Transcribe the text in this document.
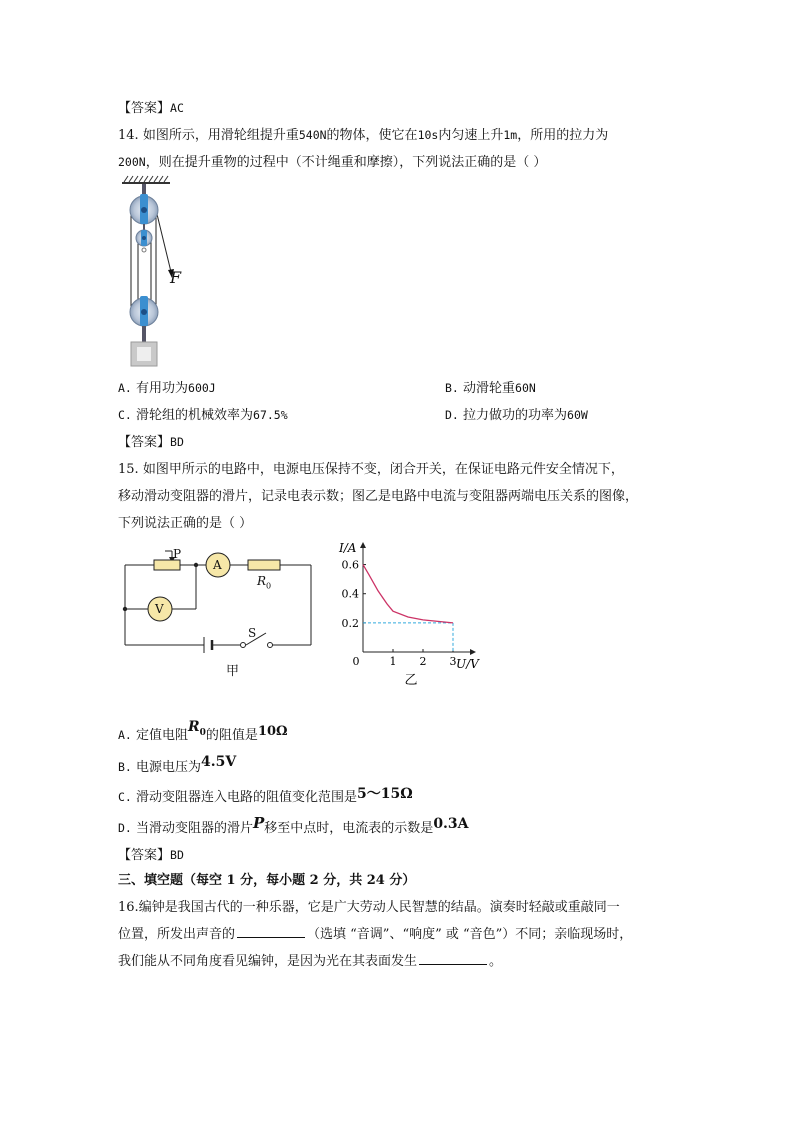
【答案】AC
14. 如图所示，用滑轮组提升重540N的物体，使它在10s内匀速上升1m，所用的拉力为
200N，则在提升重物的过程中（不计绳重和摩擦），下列说法正确的是（ ）
F
A. 有用功为600J	B. 动滑轮重60N
C. 滑轮组的机械效率为67.5%	D. 拉力做功的功率为60W
【答案】BD
15. 如图甲所示的电路中，电源电压保持不变，闭合开关，在保证电路元件安全情况下，
移动滑动变阻器的滑片，记录电表示数；图乙是电路中电流与变阻器两端电压关系的图像，
下列说法正确的是（ ）
P
A
V
$R_0$
S
甲
1 2 3
0.2
0.4
0.6
0
I/A
U/V
乙
A. 定值电阻$R_0$的阻值是10Ω
B. 电源电压为4.5V
C. 滑动变阻器连入电路的阻值变化范围是5～15Ω
D. 当滑动变阻器的滑片P移至中点时，电流表的示数是0.3A
【答案】BD
三、填空题（每空 1 分，每小题 2 分，共 24 分）
16.编钟是我国古代的一种乐器，它是广大劳动人民智慧的结晶。演奏时轻敲或重敲同一
位置，所发出声音的	（选填 “音调”、“响度” 或 “音色”）不同；亲临现场时，
我们能从不同角度看见编钟，是因为光在其表面发生	。
